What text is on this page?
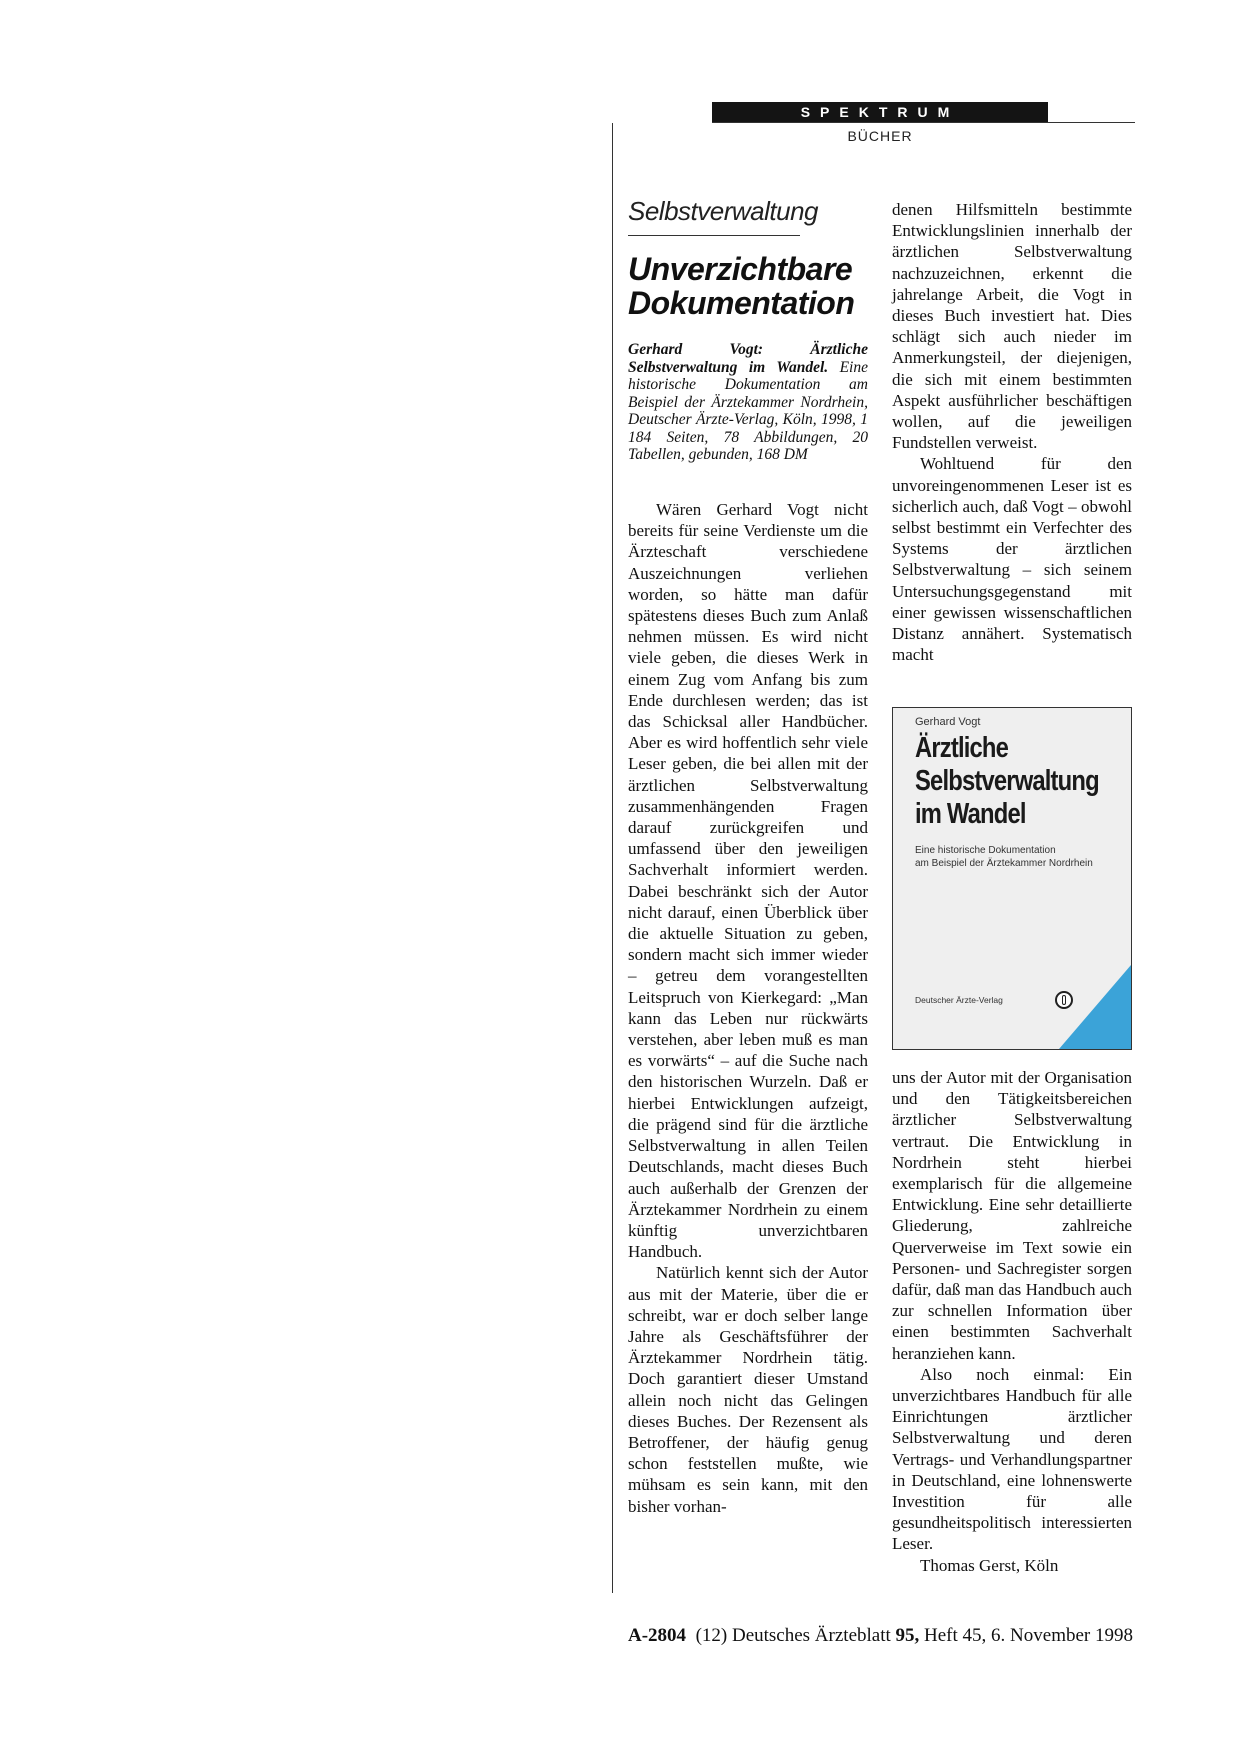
SPEKTRUM
BÜCHER
Selbstverwaltung
Unverzichtbare
Dokumentation
Gerhard Vogt: Ärztliche Selbstverwaltung im Wandel. Eine historische Dokumentation am Beispiel der Ärztekammer Nordrhein, Deutscher Ärzte-Verlag, Köln, 1998, 1 184 Seiten, 78 Abbildungen, 20 Tabellen, gebunden, 168 DM

Wären Gerhard Vogt nicht bereits für seine Verdienste um die Ärzteschaft verschiedene Auszeichnungen verliehen worden, so hätte man dafür spätestens dieses Buch zum Anlaß nehmen müssen. Es wird nicht viele geben, die dieses Werk in einem Zug vom Anfang bis zum Ende durchlesen werden; das ist das Schicksal aller Handbücher. Aber es wird hoffentlich sehr viele Leser geben, die bei allen mit der ärztlichen Selbstverwaltung zusammenhängenden Fragen darauf zurückgreifen und umfassend über den jeweiligen Sachverhalt informiert werden. Dabei beschränkt sich der Autor nicht darauf, einen Überblick über die aktuelle Situation zu geben, sondern macht sich immer wieder – getreu dem vorangestellten Leitspruch von Kierkegard: „Man kann das Leben nur rückwärts verstehen, aber leben muß es man es vorwärts“ – auf die Suche nach den historischen Wurzeln. Daß er hierbei Entwicklungen aufzeigt, die prägend sind für die ärztliche Selbstverwaltung in allen Teilen Deutschlands, macht dieses Buch auch außerhalb der Grenzen der Ärztekammer Nordrhein zu einem künftig unverzichtbaren Handbuch.

Natürlich kennt sich der Autor aus mit der Materie, über die er schreibt, war er doch selber lange Jahre als Geschäftsführer der Ärztekammer Nordrhein tätig. Doch garantiert dieser Umstand allein noch nicht das Gelingen dieses Buches. Der Rezensent als Betroffener, der häufig genug schon feststellen mußte, wie mühsam es sein kann, mit den bisher vorhan-

denen Hilfsmitteln bestimmte Entwicklungslinien innerhalb der ärztlichen Selbstverwaltung nachzuzeichnen, erkennt die jahrelange Arbeit, die Vogt in dieses Buch investiert hat. Dies schlägt sich auch nieder im Anmerkungsteil, der diejenigen, die sich mit einem bestimmten Aspekt ausführlicher beschäftigen wollen, auf die jeweiligen Fundstellen verweist.

Wohltuend für den unvoreingenommenen Leser ist es sicherlich auch, daß Vogt – obwohl selbst bestimmt ein Verfechter des Systems der ärztlichen Selbstverwaltung – sich seinem Untersuchungsgegenstand mit einer gewissen wissenschaftlichen Distanz annähert. Systematisch macht

Gerhard Vogt
Ärztliche
Selbstverwaltung
im Wandel
Eine historische Dokumentation
am Beispiel der Ärztekammer Nordrhein
Deutscher Ärzte-Verlag

uns der Autor mit der Organisation und den Tätigkeitsbereichen ärztlicher Selbstverwaltung vertraut. Die Entwicklung in Nordrhein steht hierbei exemplarisch für die allgemeine Entwicklung. Eine sehr detaillierte Gliederung, zahlreiche Querverweise im Text sowie ein Personen- und Sachregister sorgen dafür, daß man das Handbuch auch zur schnellen Information über einen bestimmten Sachverhalt heranziehen kann.

Also noch einmal: Ein unverzichtbares Handbuch für alle Einrichtungen ärztlicher Selbstverwaltung und deren Vertrags- und Verhandlungspartner in Deutschland, eine lohnenswerte Investition für alle gesundheitspolitisch interessierten Leser.

Thomas Gerst, Köln

A-2804 (12) Deutsches Ärzteblatt 95, Heft 45, 6. November 1998
